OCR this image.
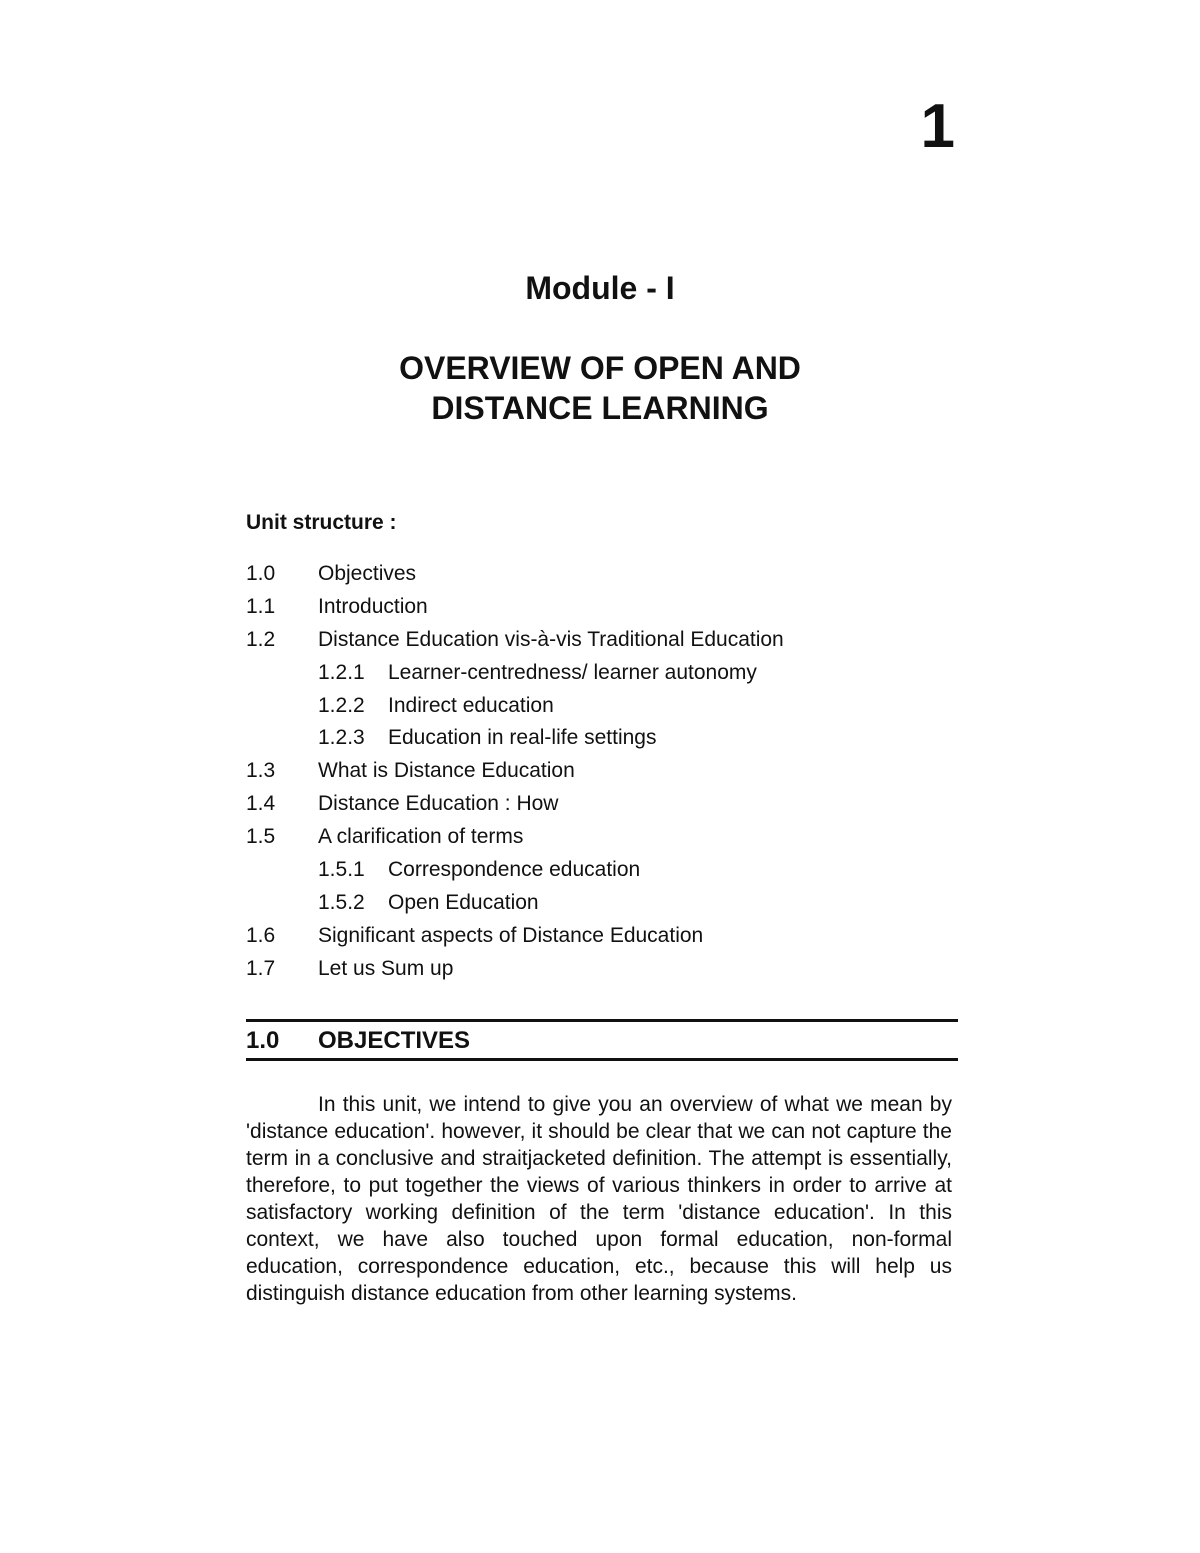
1
Module - I
OVERVIEW OF OPEN AND
DISTANCE LEARNING
Unit structure :
1.0	Objectives
1.1	Introduction
1.2	Distance Education vis-à-vis Traditional Education
1.2.1	Learner-centredness/ learner autonomy
1.2.2	Indirect education
1.2.3	Education in real-life settings
1.3	What is Distance Education
1.4	Distance Education : How
1.5	A clarification of terms
1.5.1	Correspondence education
1.5.2	Open Education
1.6	Significant aspects of Distance Education
1.7	Let us Sum up
1.0 OBJECTIVES

In this unit, we intend to give you an overview of what we mean by 'distance education'. however, it should be clear that we can not capture the term in a conclusive and straitjacketed definition. The attempt is essentially, therefore, to put together the views of various thinkers in order to arrive at satisfactory working definition of the term 'distance education'. In this context, we have also touched upon formal education, non-formal education, correspondence education, etc., because this will help us distinguish distance education from other learning systems.
